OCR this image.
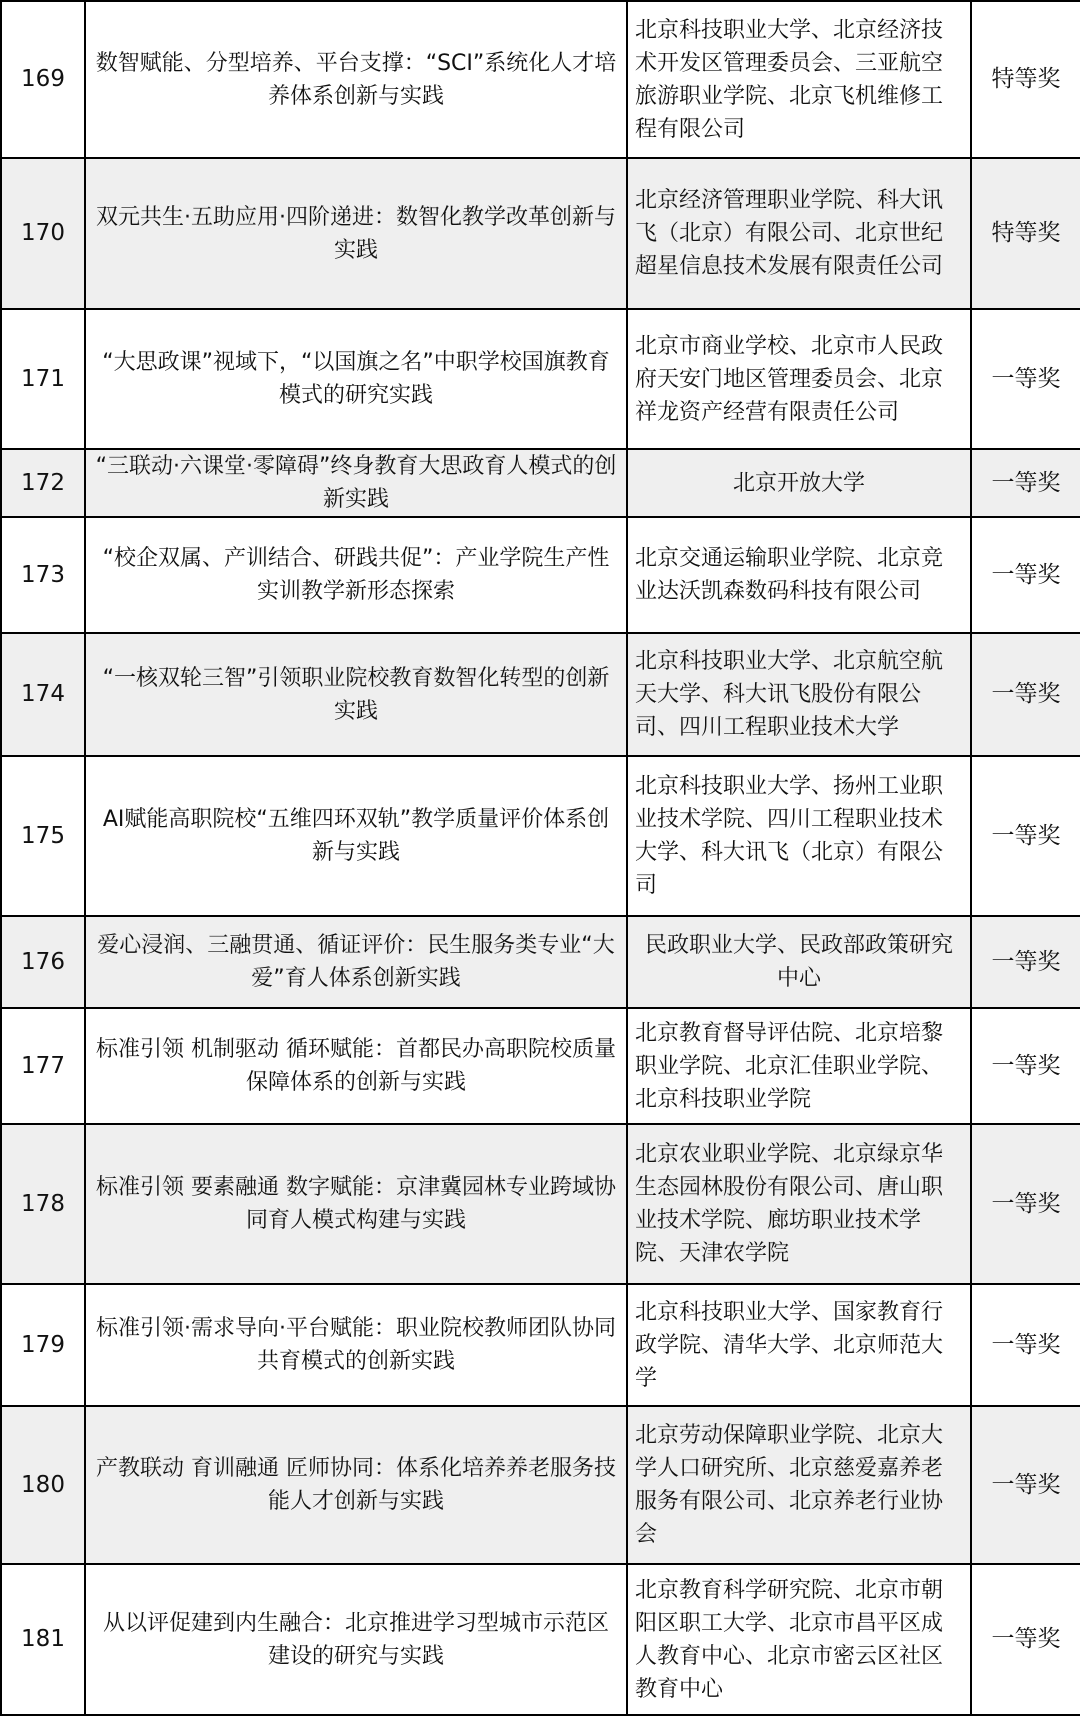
169	数智赋能、分型培养、平台支撑：“SCI”系统化人才培养体系创新与实践	北京科技职业大学、北京经济技术开发区管理委员会、三亚航空旅游职业学院、北京飞机维修工程有限公司	特等奖
170	双元共生·五助应用·四阶递进：数智化教学改革创新与实践	北京经济管理职业学院、科大讯飞（北京）有限公司、北京世纪超星信息技术发展有限责任公司	特等奖
171	“大思政课”视域下，“以国旗之名”中职学校国旗教育模式的研究实践	北京市商业学校、北京市人民政府天安门地区管理委员会、北京祥龙资产经营有限责任公司	一等奖
172	“三联动·六课堂·零障碍”终身教育大思政育人模式的创新实践	北京开放大学	一等奖
173	“校企双属、产训结合、研践共促”：产业学院生产性实训教学新形态探索	北京交通运输职业学院、北京竞业达沃凯森数码科技有限公司	一等奖
174	“一核双轮三智”引领职业院校教育数智化转型的创新实践	北京科技职业大学、北京航空航天大学、科大讯飞股份有限公司、四川工程职业技术大学	一等奖
175	AI赋能高职院校“五维四环双轨”教学质量评价体系创新与实践	北京科技职业大学、扬州工业职业技术学院、四川工程职业技术大学、科大讯飞（北京）有限公司	一等奖
176	爱心浸润、三融贯通、循证评价：民生服务类专业“大爱”育人体系创新实践	民政职业大学、民政部政策研究中心	一等奖
177	标准引领 机制驱动 循环赋能：首都民办高职院校质量保障体系的创新与实践	北京教育督导评估院、北京培黎职业学院、北京汇佳职业学院、北京科技职业学院	一等奖
178	标准引领 要素融通 数字赋能：京津冀园林专业跨域协同育人模式构建与实践	北京农业职业学院、北京绿京华生态园林股份有限公司、唐山职业技术学院、廊坊职业技术学院、天津农学院	一等奖
179	标准引领·需求导向·平台赋能：职业院校教师团队协同共育模式的创新实践	北京科技职业大学、国家教育行政学院、清华大学、北京师范大学	一等奖
180	产教联动 育训融通 匠师协同：体系化培养养老服务技能人才创新与实践	北京劳动保障职业学院、北京大学人口研究所、北京慈爱嘉养老服务有限公司、北京养老行业协会	一等奖
181	从以评促建到内生融合：北京推进学习型城市示范区建设的研究与实践	北京教育科学研究院、北京市朝阳区职工大学、北京市昌平区成人教育中心、北京市密云区社区教育中心	一等奖
